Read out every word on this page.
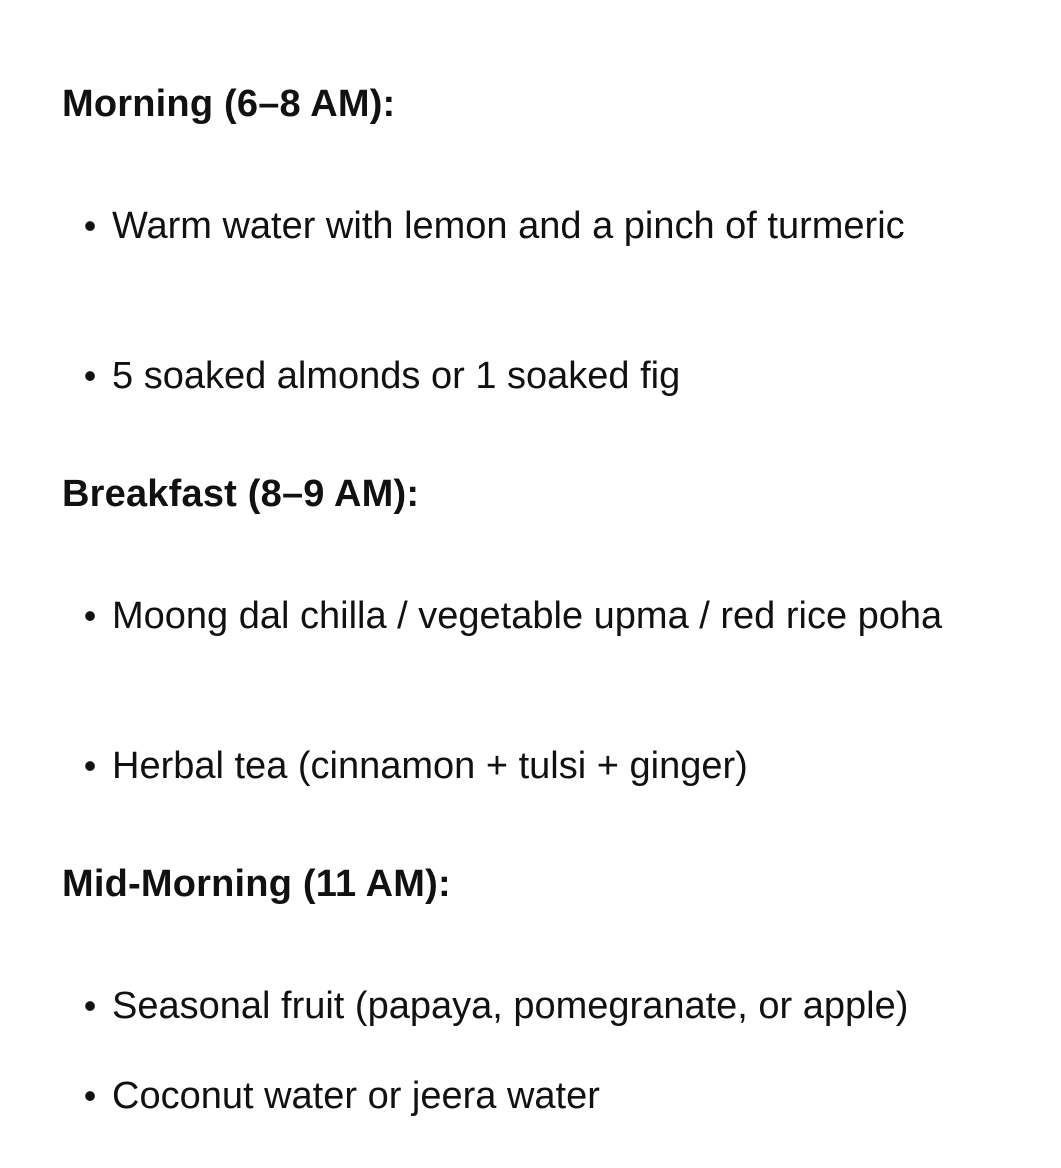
Morning (6–8 AM):
• Warm water with lemon and a pinch of turmeric
• 5 soaked almonds or 1 soaked fig
Breakfast (8–9 AM):
• Moong dal chilla / vegetable upma / red rice poha
• Herbal tea (cinnamon + tulsi + ginger)
Mid-Morning (11 AM):
• Seasonal fruit (papaya, pomegranate, or apple)
• Coconut water or jeera water
